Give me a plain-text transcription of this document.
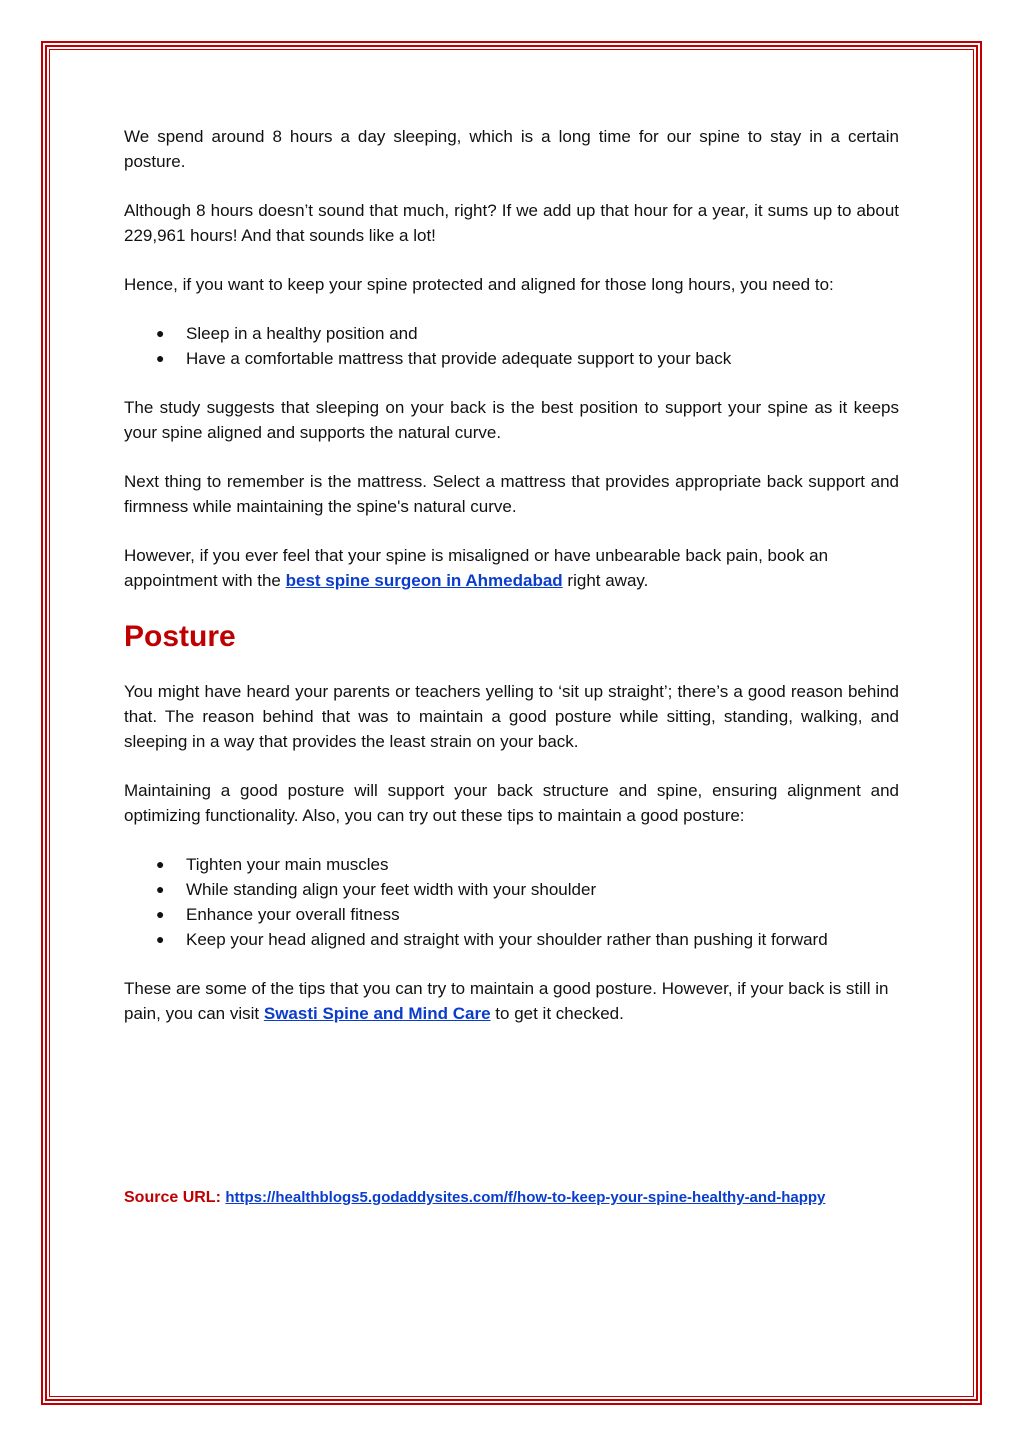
We spend around 8 hours a day sleeping, which is a long time for our spine to stay in a certain posture.

Although 8 hours doesn’t sound that much, right? If we add up that hour for a year, it sums up to about 229,961 hours! And that sounds like a lot!

Hence, if you want to keep your spine protected and aligned for those long hours, you need to:

● Sleep in a healthy position and
● Have a comfortable mattress that provide adequate support to your back

The study suggests that sleeping on your back is the best position to support your spine as it keeps your spine aligned and supports the natural curve.

Next thing to remember is the mattress. Select a mattress that provides appropriate back support and firmness while maintaining the spine's natural curve.

However, if you ever feel that your spine is misaligned or have unbearable back pain, book an appointment with the best spine surgeon in Ahmedabad right away.

Posture

You might have heard your parents or teachers yelling to ‘sit up straight’; there’s a good reason behind that. The reason behind that was to maintain a good posture while sitting, standing, walking, and sleeping in a way that provides the least strain on your back.

Maintaining a good posture will support your back structure and spine, ensuring alignment and optimizing functionality. Also, you can try out these tips to maintain a good posture:

● Tighten your main muscles
● While standing align your feet width with your shoulder
● Enhance your overall fitness
● Keep your head aligned and straight with your shoulder rather than pushing it forward

These are some of the tips that you can try to maintain a good posture. However, if your back is still in pain, you can visit Swasti Spine and Mind Care to get it checked.

Source URL: https://healthblogs5.godaddysites.com/f/how-to-keep-your-spine-healthy-and-happy
